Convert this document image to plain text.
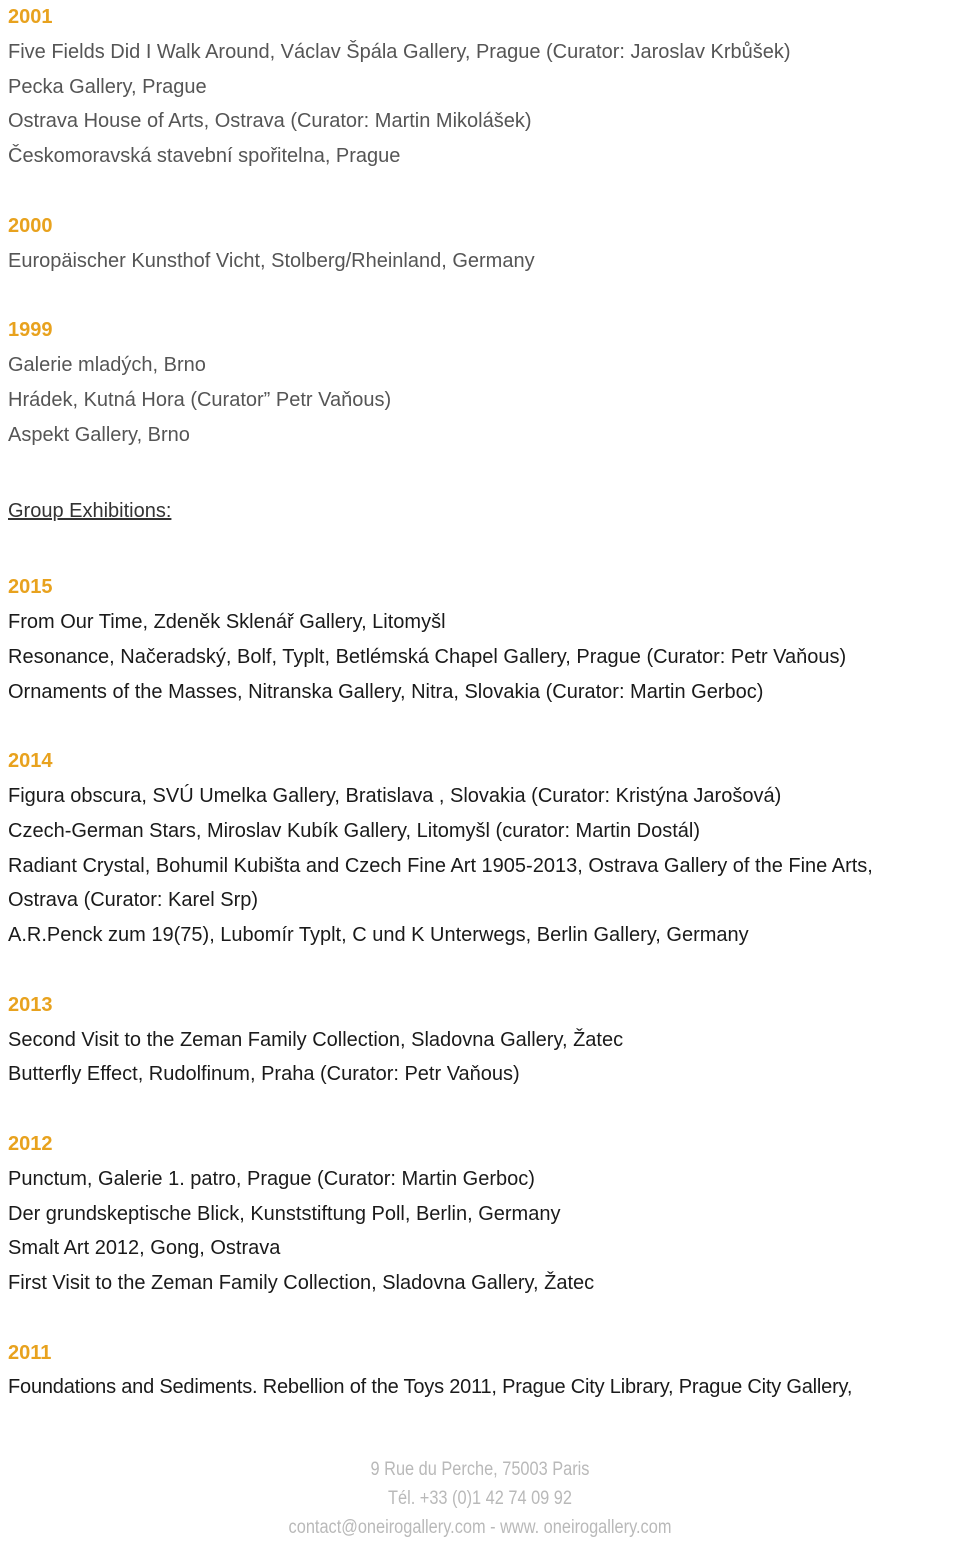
2001
Five Fields Did I Walk Around, Václav Špála Gallery, Prague (Curator: Jaroslav Krbůšek)
Pecka Gallery, Prague
Ostrava House of Arts, Ostrava (Curator: Martin Mikolášek)
Českomoravská stavební spořitelna, Prague
2000
Europäischer Kunsthof Vicht, Stolberg/Rheinland, Germany
1999
Galerie mladých, Brno
Hrádek, Kutná Hora (Curator” Petr Vaňous)
Aspekt Gallery, Brno
Group Exhibitions:
2015
From Our Time, Zdeněk Sklenář Gallery, Litomyšl
Resonance, Načeradský, Bolf, Typlt, Betlémská Chapel Gallery, Prague (Curator: Petr Vaňous)
Ornaments of the Masses, Nitranska Gallery, Nitra, Slovakia (Curator: Martin Gerboc)
2014
Figura obscura, SVÚ Umelka Gallery, Bratislava , Slovakia (Curator: Kristýna Jarošová)
Czech-German Stars, Miroslav Kubík Gallery, Litomyšl (curator: Martin Dostál)
Radiant Crystal, Bohumil Kubišta and Czech Fine Art 1905-2013, Ostrava Gallery of the Fine Arts,
Ostrava (Curator: Karel Srp)
A.R.Penck zum 19(75), Lubomír Typlt, C und K Unterwegs, Berlin Gallery, Germany
2013
Second Visit to the Zeman Family Collection, Sladovna Gallery, Žatec
Butterfly Effect, Rudolfinum, Praha (Curator: Petr Vaňous)
2012
Punctum, Galerie 1. patro, Prague (Curator: Martin Gerboc)
Der grundskeptische Blick, Kunststiftung Poll, Berlin, Germany
Smalt Art 2012, Gong, Ostrava
First Visit to the Zeman Family Collection, Sladovna Gallery, Žatec
2011
Foundations and Sediments. Rebellion of the Toys 2011, Prague City Library, Prague City Gallery,
9 Rue du Perche, 75003 Paris
Tél. +33 (0)1 42 74 09 92
contact@oneirogallery.com - www. oneirogallery.com
